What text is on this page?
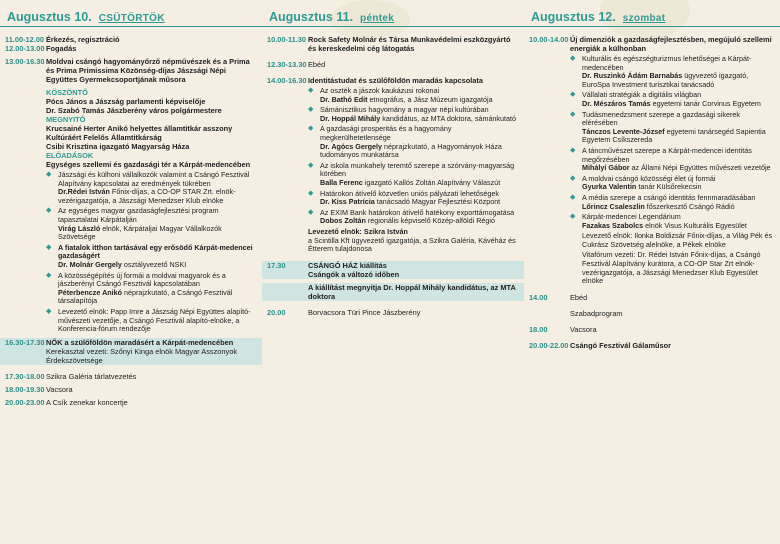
Augusztus 10. CSÜTÖRTÖK
11.00-12.00 Érkezés, regisztráció
12.00-13.00 Fogadás
13.00-16.30 Moldvai csángó hagyományőrző népművészek és a Prima és Prima Primissima Közönség-díjas Jászsági Népi Együttes Gyermekcsoportjának műsora
KÖSZÖNTŐ
Pócs János a Jászság parlamenti képviselője
Dr. Szabó Tamás Jászberény város polgármestere
MEGNYITÓ
Krucsainé Herter Anikó helyettes államtitkár asszony Kultúráért Felelős Államtitkárság
Csibi Krisztina igazgató Magyarság Háza
ELŐADÁSOK
Egységes szellemi és gazdasági tér a Kárpát-medencében
◆ Jászsági és külhoni vállalkozók valamint a Csángó Fesztivál Alapítvány kapcsolatai az eredmények tükrében
Dr.Rédei István Főnix-díjas, a CO-OP STAR Zrt. elnök-vezérigazgatója, a Jászsági Menedzser Klub elnöke
◆ Az egységes magyar gazdaságfejlesztési program tapasztalatai Kárpátalján
Virág László elnök, Kárpátaljai Magyar Vállalkozók Szövetsége
◆ A fiatalok itthon tartásával egy erősödő Kárpát-medencei gazdaságért
Dr. Molnár Gergely osztályvezető NSKI
◆ A közösségépítés új formái a moldvai magyarok és a jászberényi Csángó Fesztivál kapcsolatában
Péterbencze Anikó néprajzkutató, a Csángó Fesztivál társalapítója
◆ Levezető elnök: Papp Imre a Jászság Népi Együttes alapító-művészeti vezetője, a Csángó Fesztivál alapító-elnöke, a Konferencia-fórum rendezője
16.30-17.30 NŐK a szülőföldön maradásért a Kárpát-medencében
Kerekasztal vezeti: Szőnyi Kinga elnök Magyar Asszonyok Érdekszövetsége
17.30-18.00 Szikra Galéria tárlatvezetés
18.00-19.30 Vacsora
20.00-23.00 A Csík zenekar koncertje
Augusztus 11. péntek
10.00-11.30 Rock Safety Molnár és Társa Munkavédelmi eszközgyártó és kereskedelmi cég látogatás
12.30-13.30 Ebéd
14.00-16.30 Identitástudat és szülőföldön maradás kapcsolata
◆ Az oszték a jászok kaukázusi rokonai
Dr. Bathó Edit etnográfus, a Jász Múzeum igazgatója
◆ Sámánisztikus hagyomány a magyar népi kultúrában
Dr. Hoppál Mihály kandidátus, az MTA doktora, sámánkutató
◆ A gazdasági prosperitás és a hagyomány megkerülhetetlensége
Dr. Agócs Gergely néprajzkutató, a Hagyományok Háza tudományos munkatársa
◆ Az iskola munkahely teremtő szerepe a szórvány-magyarság körében
Balla Ferenc igazgató Kallós Zoltán Alapítvány Válaszút
◆ Határokon átívelő közvetlen uniós pályázati lehetőségek
Dr. Kiss Patrícia tanácsadó Magyar Fejlesztési Központ
◆ Az EXIM Bank határokon átívelő hatékony exporttámogatása
Dobos Zoltán regionális képviselő Közép-alföldi Régió
Levezető elnök: Szikra István
a Scintilla Kft ügyvezető igazgatója, a Szikra Galéria, Kávéház és Étterem tulajdonosa
17.30	CSÁNGÓ HÁZ kiállítás
Csángók a változó időben
A kiállítást megnyitja Dr. Hoppál Mihály kandidátus, az MTA doktora
20.00	Borvacsora Türi Pince Jászberény
Augusztus 12. szombat
10.00-14.00 Új dimenziók a gazdaságfejlesztésben, megújuló szellemi energiák a külhonban
◆ Kulturális és egészségturizmus lehetőségei a Kárpát-medencében
Dr. Ruszinkó Ádám Barnabás ügyvezető igazgató, EuroSpa Investment turisztikai tanácsadó
◆ Vállalati stratégiák a digitális világban
Dr. Mészáros Tamás egyetemi tanár Corvinus Egyetem
◆ Tudásmenedzsment szerepe a gazdasági sikerek elérésében
Tánczos Levente-József egyetemi tanársegéd Sapientia Egyetem Csíkszereda
◆ A táncművészet szerepe a Kárpát-medencei identitás megőrzésében
Mihályi Gábor az Állami Népi Együttes művészeti vezetője
◆ A moldvai csángó közösségi élet új formái
Gyurka Valentin tanár Külsőrekecsin
◆ A média szerepe a csángó identitás fennmaradásában
Lőrincz Csaleszlin főszerkesztő Csángó Rádió
◆ Kárpát-medencei Legendárium
Fazakas Szabolcs elnök Visus Kulturális Egyesület
Levezető elnök: Ilonka Boldizsár Főnix-díjas, a Világ Pék és Cukrász Szövetség alelnöke, a Pékek elnöke
Vitafórum vezeti: Dr. Rédei István Főnix-díjas, a Csángó Fesztivál Alapítvány kurátora, a CO-OP Star Zrt elnök-vezérigazgatója, a Jászsági Menedzser Klub Egyesület elnöke
14.00	Ebéd
Szabadprogram
18.00	Vacsora
20.00-22.00 Csángó Fesztivál Gálaműsor
